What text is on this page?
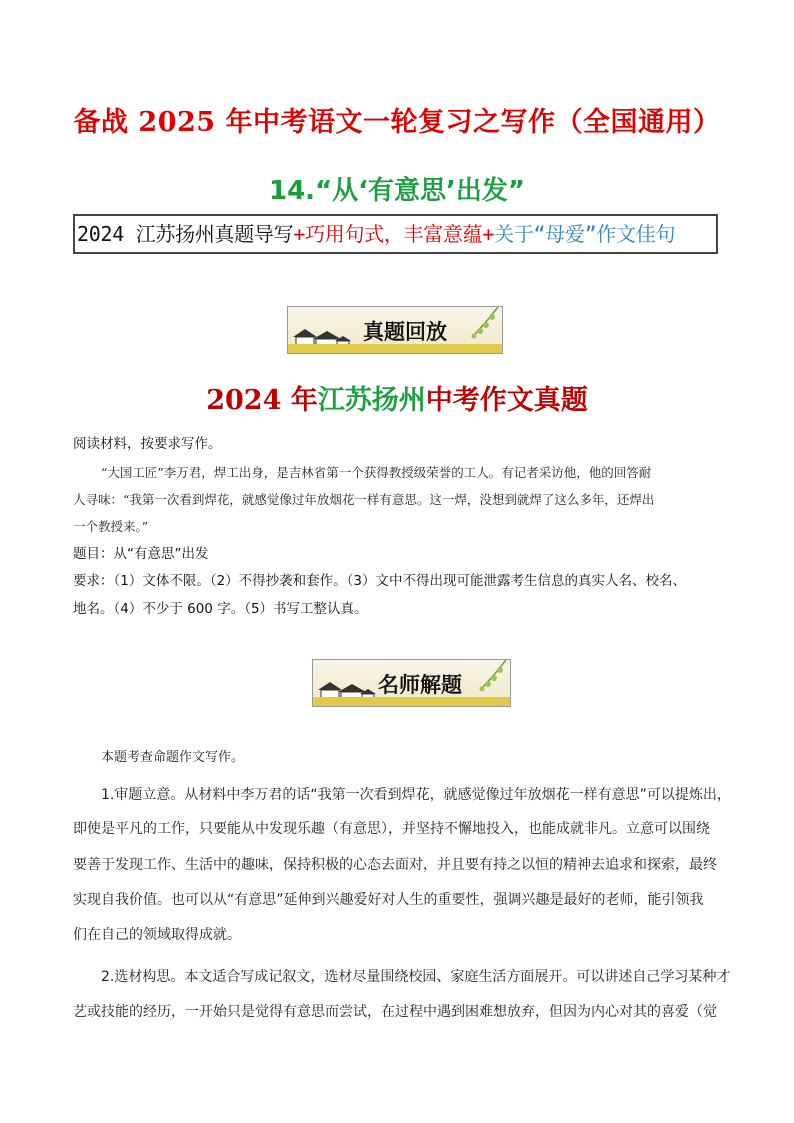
备战 2025 年中考语文一轮复习之写作（全国通用）
14.“从‘有意思’出发”
2024 江苏扬州真题导写+巧用句式，丰富意蕴+关于“母爱”作文佳句
真题回放
2024 年江苏扬州中考作文真题
阅读材料，按要求写作。
“大国工匠”李万君，焊工出身，是吉林省第一个获得教授级荣誉的工人。有记者采访他，他的回答耐
人寻味：“我第一次看到焊花，就感觉像过年放烟花一样有意思。这一焊，没想到就焊了这么多年，还焊出
一个教授来。”
题目：从“有意思”出发
要求：（1）文体不限。（2）不得抄袭和套作。（3）文中不得出现可能泄露考生信息的真实人名、校名、
地名。（4）不少于 600 字。（5）书写工整认真。
名师解题
本题考查命题作文写作。
1.审题立意。从材料中李万君的话“我第一次看到焊花，就感觉像过年放烟花一样有意思”可以提炼出，
即使是平凡的工作，只要能从中发现乐趣（有意思），并坚持不懈地投入，也能成就非凡。立意可以围绕
要善于发现工作、生活中的趣味，保持积极的心态去面对，并且要有持之以恒的精神去追求和探索，最终
实现自我价值。也可以从“有意思”延伸到兴趣爱好对人生的重要性，强调兴趣是最好的老师，能引领我
们在自己的领域取得成就。
2.选材构思。本文适合写成记叙文，选材尽量围绕校园、家庭生活方面展开。可以讲述自己学习某种才
艺或技能的经历，一开始只是觉得有意思而尝试，在过程中遇到困难想放弃，但因为内心对其的喜爱（觉
